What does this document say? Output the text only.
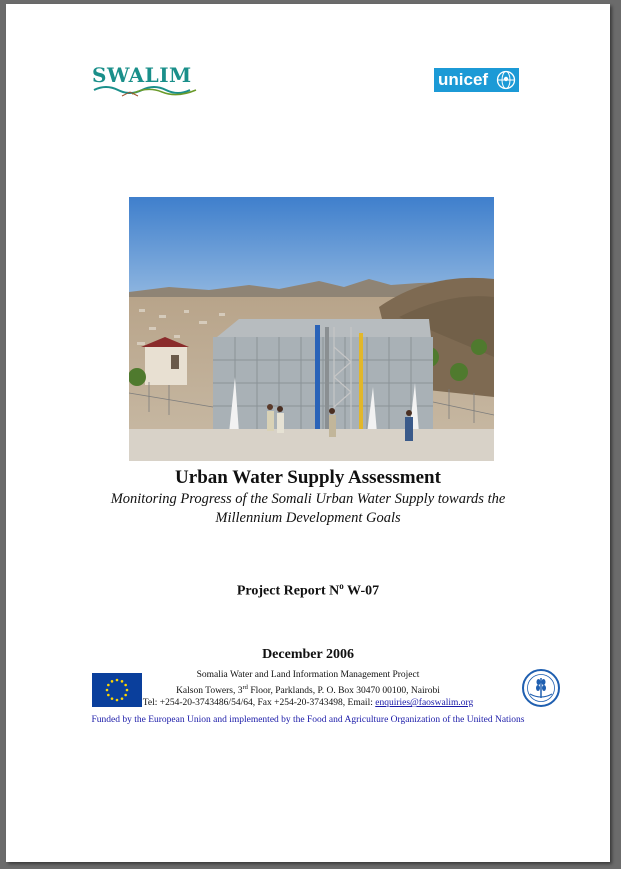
SWALIM	unicef
Urban Water Supply Assessment
Monitoring Progress of the Somali Urban Water Supply towards the
Millennium Development Goals
Project Report $N^o$ W-07
December 2006
Somalia Water and Land Information Management Project
Kalson Towers, 3rd Floor, Parklands, P. O. Box 30470 00100, Nairobi
Tel: +254-20-3743486/54/64, Fax +254-20-3743498, Email: enquiries@faoswalim.org
Funded by the European Union and implemented by the Food and Agriculture Organization of the United Nations
